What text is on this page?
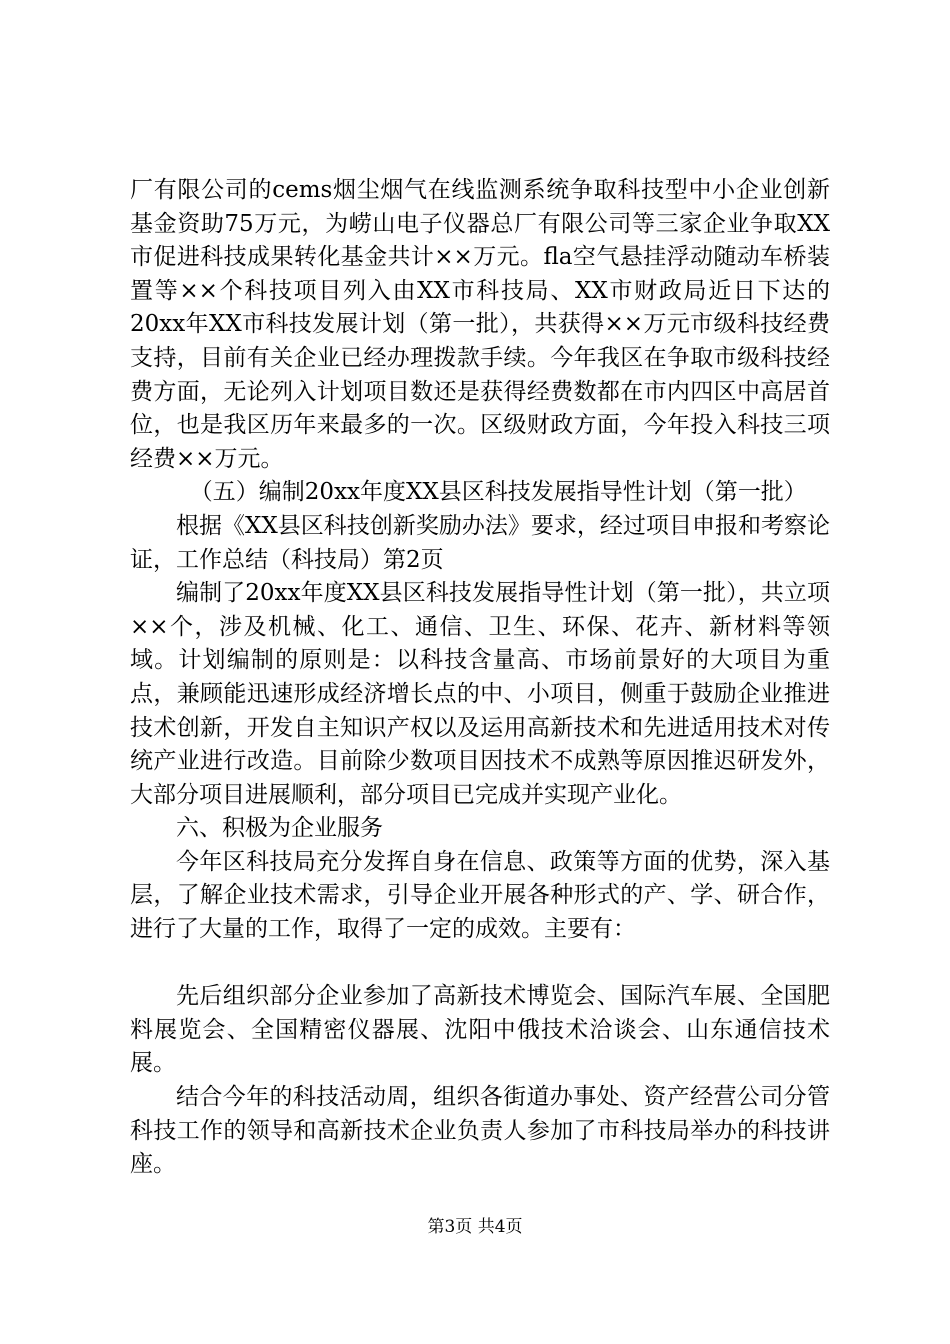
厂有限公司的cems烟尘烟气在线监测系统争取科技型中小企业创新基金资助75万元，为崂山电子仪器总厂有限公司等三家企业争取XX市促进科技成果转化基金共计××万元。fla空气悬挂浮动随动车桥装置等××个科技项目列入由XX市科技局、XX市财政局近日下达的20xx年XX市科技发展计划（第一批），共获得××万元市级科技经费支持，目前有关企业已经办理拨款手续。今年我区在争取市级科技经费方面，无论列入计划项目数还是获得经费数都在市内四区中高居首位，也是我区历年来最多的一次。区级财政方面，今年投入科技三项经费××万元。

（五）编制20xx年度XX县区科技发展指导性计划（第一批）

根据《XX县区科技创新奖励办法》要求，经过项目申报和考察论证，工作总结（科技局）第2页

编制了20xx年度XX县区科技发展指导性计划（第一批），共立项××个，涉及机械、化工、通信、卫生、环保、花卉、新材料等领域。计划编制的原则是：以科技含量高、市场前景好的大项目为重点，兼顾能迅速形成经济增长点的中、小项目，侧重于鼓励企业推进技术创新，开发自主知识产权以及运用高新技术和先进适用技术对传统产业进行改造。目前除少数项目因技术不成熟等原因推迟研发外，大部分项目进展顺利，部分项目已完成并实现产业化。

六、积极为企业服务

今年区科技局充分发挥自身在信息、政策等方面的优势，深入基层，了解企业技术需求，引导企业开展各种形式的产、学、研合作，进行了大量的工作，取得了一定的成效。主要有：

先后组织部分企业参加了高新技术博览会、国际汽车展、全国肥料展览会、全国精密仪器展、沈阳中俄技术洽谈会、山东通信技术展。

结合今年的科技活动周，组织各街道办事处、资产经营公司分管科技工作的领导和高新技术企业负责人参加了市科技局举办的科技讲座。

第3页 共4页
